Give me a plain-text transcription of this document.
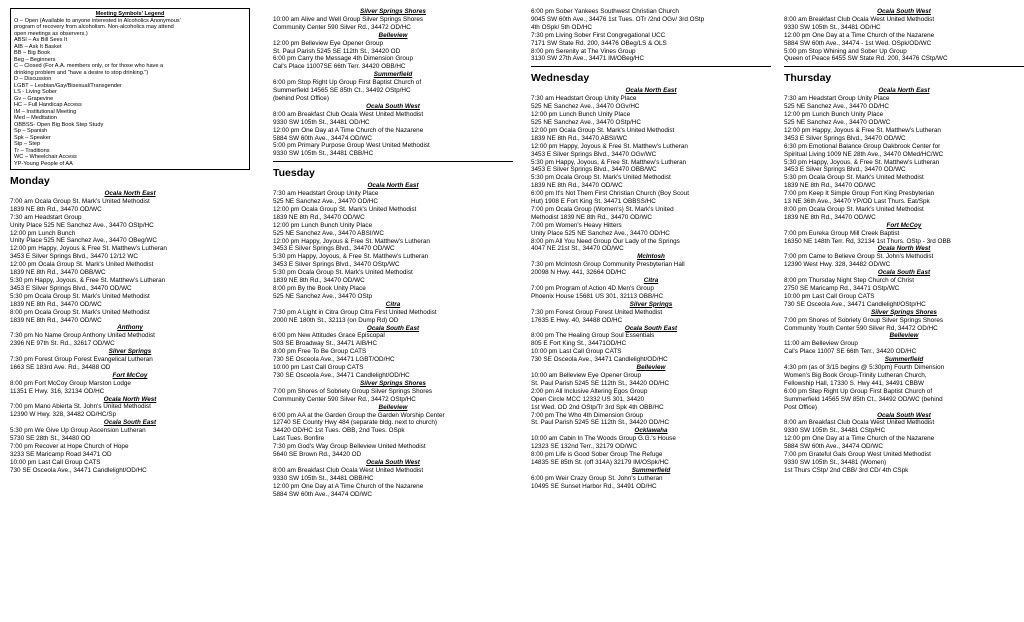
Meeting Symbols' Legend
O – Open (Available to anyone interested in Alcoholics Anonymous'
program of recovery from alcoholism. Non-alcoholics may attend
open meetings as observers.)
ABSI – As Bill Sees It
AIB – Ask It Basket
BB – Big Book
Beg – Beginners
C – Closed (For A.A. members only, or for those who have a
drinking problem and "have a desire to stop drinking.")
D – Discussion
LGBT – Lesbian/Gay/Bisexual/Transgender
LS - Living Sober
Gv – Grapevine
HC – Full Handicap Access
IM – Institutional Meeting
Med – Meditation
OBBSS- Open Big Book Step Study
Sp – Spanish
Spk – Speaker
Stp – Step
Tr – Traditions
WC – Wheelchair Access
YP-Young People of AA
Monday
Ocala North East
7:00 am Ocala Group St. Mark's United Methodist
1839 NE 8th Rd., 34470 OD/WC
7:30 am Headstart Group
Unity Place 525 NE Sanchez Ave., 34470 OStp/HC
12:00 pm Lunch Bunch
Unity Place 525 NE Sanchez Ave., 34470 OBeg/WC
12:00 pm Happy, Joyous & Free St. Matthew's Lutheran
3453 E Silver Springs Blvd., 34470 12/12 WC
12:00 pm Ocala Group St. Mark's United Methodist
1839 NE 8th Rd., 34470 OBB/WC
5:30 pm Happy, Joyous, & Free St. Matthew's Lutheran
3453 E Silver Springs Blvd., 34470 OD/WC
5:30 pm Ocala Group St. Mark's United Methodist
1839 NE 8th Rd., 34470 OD/WC
8:00 pm Ocala Group St. Mark's United Methodist
1839 NE 8th Rd., 34470 OD/WC
Anthony
7:30 pm No Name Group Anthony United Methodist
2396 NE 97th St. Rd., 32617 OD/WC
Silver Springs
7:30 pm Forest Group Forest Evangelical Lutheran
1663 SE 183rd Ave. Rd., 34488 OD
Fort McCoy
8:00 pm Fort McCoy Group Marston Lodge
11351 E Hwy. 316, 32134 OD/HC
Ocala North West
7:00 pm Mano Abierta St. John's United Methodist
12390 W Hwy. 328, 34482 OD/HC/Sp
Ocala South East
5:30 pm We Give Up Group Ascension Lutheran
5730 SE 28th St., 34480 OD
7:00 pm Recover at Hope Church of Hope
3233 SE Maricamp Road 34471 OD
10:00 pm Last Call Group CATS
730 SE Osceola Ave., 34471 Candlelight/OD/HC
Silver Springs Shores
10:00 am Alive and Well Group Silver Springs Shores
Community Center 590 Silver Rd., 34472 OD/HC
Belleview
12:00 pm Belleview Eye Opener Group
St. Paul Parish 5245 SE 112th St., 34420 OD
6:00 pm Carry the Message 4th Dimension Group
Cal's Place 11007SE 66th Terr. 34420 OBB/HC
Summerfield
6:00 pm Stop Right Up Group First Baptist Church of
Summerfield 14565 SE 85th Ct., 34492 OStp/HC
(behind Post Office)
Ocala South West
8:00 am Breakfast Club Ocala West United Methodist
9330 SW 105th St., 34481 OD/HC
12:00 pm One Day at A Time Church of the Nazarene
5884 SW 60th Ave., 34474 OD/WC
5:00 pm Primary Purpose Group West United Methodist
9330 SW 105th St., 34481 CBB/HC
Tuesday
Ocala North East
7:30 am Headstart Group Unity Place
525 NE Sanchez Ave., 34470 OD/HC
12:00 pm Ocala Group St. Mark's United Methodist
1839 NE 8th Rd., 34470 OD/WC
12:00 pm Lunch Bunch Unity Place
525 NE Sanchez Ave., 34470 ABSI/WC
12:00 pm Happy, Joyous & Free St. Matthew's Lutheran
3453 E Silver Springs Blvd., 34470 OD/WC
5:30 pm Happy, Joyous, & Free St. Matthew's Lutheran
3453 E Silver Springs Blvd., 34470 OStp/WC
5:30 pm Ocala Group St. Mark's United Methodist
1839 NE 8th Rd., 34470 OD/WC
8:00 pm By the Book Unity Place
525 NE Sanchez Ave., 34470 OStp
Citra
7:30 pm A Light in Citra Group Citra First United Methodist
2000 NE 180th St., 32113 (on Dump Rd) OD
Ocala South East
6:00 pm New Attitudes Grace Episcopal
503 SE Broadway St., 34471 AIB/HC
8:00 pm Free To Be Group CATS
730 SE Osceola Ave., 34471 LGBT/OD/HC
10:00 pm Last Call Group CATS
730 SE Osceola Ave., 34471 Candlelight/OD/HC
Silver Springs Shores
7:00 pm Shores of Sobriety Group Silver Springs Shores
Community Center 590 Silver Rd., 34472 OStp/HC
Belleview
6:00 pm AA at the Garden Group the Garden Worship Center
12740 SE County Hwy 484 (separate bldg. next to church)
34420 OD/HC 1st Tues. OBB, 2nd Tues. OSpk
Last Tues. Bonfire
7:30 pm God's Way Group Belleview United Methodist
5640 SE Brown Rd., 34420 OD
Ocala South West
8:00 am Breakfast Club Ocala West United Methodist
9330 SW 105th St., 34481 OBB/HC
12:00 pm One Day at A Time Church of the Nazarene
5884 SW 60th Ave., 34474 OD/WC
6:00 pm Sober Yankees Southwest Christian Church
9045 SW 60th Ave., 34476 1st Tues. OTr /2nd OGv/ 3rd OStp
4th OSpk/ 5th OD/HC
7:30 pm Living Sober First Congregational UCC
7171 SW State Rd. 200, 34476 OBeg/LS & OLS
8:00 pm Serenity at The Vines Group
3130 SW 27th Ave., 34471 IM/OBeg/HC
Wednesday
Ocala North East
7:30 am Headstart Group Unity Place
525 NE Sanchez Ave., 34470 OGv/HC
12:00 pm Lunch Bunch Unity Place
525 NE Sanchez Ave., 34470 OStp/HC
12:00 pm Ocala Group St. Mark's United Methodist
1839 NE 8th Rd., 34470 ABSI/WC
12:00 pm Happy, Joyous & Free St. Matthew's Lutheran
3453 E Silver Springs Blvd., 34470 OGv/WC
5:30 pm Happy, Joyous, & Free St. Matthew's Lutheran
3453 E Silver Springs Blvd., 34470 OBB/WC
5:30 pm Ocala Group St. Mark's United Methodist
1839 NE 8th Rd., 34470 OD/WC
6:00 pm It's Not Them First Christian Church (Boy Scout
Hut) 1908 E Fort King St. 34471 OBBSS/HC
7:00 pm Ocala Group (Women's) St. Mark's United
Methodist 1839 NE 8th Rd., 34470 OD/WC
7:00 pm Women's Heavy Hitters
Unity Place 525 NE Sanchez Ave., 34470 OD/HC
8:00 pm All You Need Group Our Lady of the Springs
4047 NE 21st St., 34470 OD/WC
McIntosh
7:30 pm McIntosh Group Community Presbyterian Hall
20098 N Hwy. 441, 32664 OD/HC
Citra
7:00 pm Program of Action 4D Men's Group
Phoenix House 15681 US 301, 32113 OBB/HC
Silver Springs
7:30 pm Forest Group Forest United Methodist
17635 E Hwy. 40, 34488 OD/HC
Ocala South East
8:00 pm The Healing Group Soul Essentials
805 E Fort King St., 34471OD/HC
10:00 pm Last Call Group CATS
730 SE Osceola Ave., 34471 Candlelight/OD/HC
Belleview
10:00 am Belleview Eye Opener Group
St. Paul Parish 5245 SE 112th St., 34420 OD/HC
2:00 pm All Inclusive Altering Egos Group
Open Circle MCC 12332 US 301, 34420
1st Wed. OD 2nd OStp/Tr 3rd Spk 4th OBB/HC
7:00 pm The Who 4th Dimension Group
St. Paul Parish 5245 SE 112th St., 34420 OD/HC
Ocklawaha
10:00 am Cabin In The Woods Group G.G.'s House
12323 SE 132nd Terr., 32179 OD/WC
8:00 pm Life is Good Sober Group The Refuge
14835 SE 85th St. (off 314A) 32179 IM/OSpk/HC
Summerfield
6:00 pm Weir Crazy Group St. John's Lutheran
10495 SE Sunset Harbor Rd., 34491 OD/HC
Ocala South West
8:00 am Breakfast Club Ocala West United Methodist
9330 SW 105th St., 34481 OD/HC
12:00 pm One Day at a Time Church of the Nazarene
5884 SW 60th Ave., 34474 - 1st Wed. OSpk/OD/WC
5:00 pm Stop Whining and Sober Up Group
Queen of Peace 6455 SW State Rd. 200, 34476 CStp/WC
Thursday
Ocala North East
7:30 am Headstart Group Unity Place
525 NE Sanchez Ave., 34470 OD/HC
12:00 pm Lunch Bunch Unity Place
525 NE Sanchez Ave., 34470 OD/WC
12:00 pm Happy, Joyous & Free St. Matthew's Lutheran
3453 E Silver Springs Blvd., 34470 OD/WC
6:30 pm Emotional Balance Group Oakbrook Center for
Spiritual Living 1009 NE 28th Ave., 34470 OMed/HC/WC
5:30 pm Happy, Joyous, & Free St. Matthew's Lutheran
3453 E Silver Springs Blvd., 34470 OD/WC
5:30 pm Ocala Group St. Mark's United Methodist
1839 NE 8th Rd., 34470 OD/WC
7:00 pm Keep It Simple Group Fort King Presbyterian
13 NE 36th Ave., 34470 YP/OD Last Thurs. Eat/Spk
8:00 pm Ocala Group St. Mark's United Methodist
1839 NE 8th Rd., 34470 OD/WC
Fort McCoy
7:00 pm Eureka Group Mill Creek Baptist
16350 NE 148th Terr. Rd, 32134 1st Thurs. OStp - 3rd OBB
Ocala North West
7:00 pm Came to Believe Group St. John's Methodist
12390 West Hwy. 328, 34482 OD/WC
Ocala South East
8:00 pm Thursday Night Step Church of Christ
2750 SE Maricamp Rd., 34471 OStp/WC
10:00 pm Last Call Group CATS
730 SE Osceola Ave., 34471 Candlelight/OStp/HC
Silver Springs Shores
7:00 pm Shores of Sobriety Group Silver Springs Shores
Community Youth Center 590 Silver Rd, 34472 OD/HC
Belleview
11:00 am Belleview Group
Cal's Place 11007 SE 66th Terr., 34420 OD/HC
Summerfield
4:30 pm (as of 3/15 begins @ 5:30pm) Fourth Dimension
Women's Big Book Group-Trinity Lutheran Church,
Fellowship Hall, 17330 S. Hwy 441, 34491 CBBW
6:00 pm Step Right Up Group First Baptist Church of
Summerfield 14565 SW 85th Ct., 34492 OD/WC (behind
Post Office)
Ocala South West
8:00 am Breakfast Club Ocala West United Methodist
9330 SW 105th St., 34481 CStp/HC
12:00 pm One Day at a Time Church of the Nazarene
5884 SW 60th Ave., 34474 OD/WC
7:00 pm Grateful Gals Group West United Methodist
9330 SW 105th St., 34481 (Women)
1st Thurs CStp/ 2nd CBB/ 3rd CD/ 4th CSpk
